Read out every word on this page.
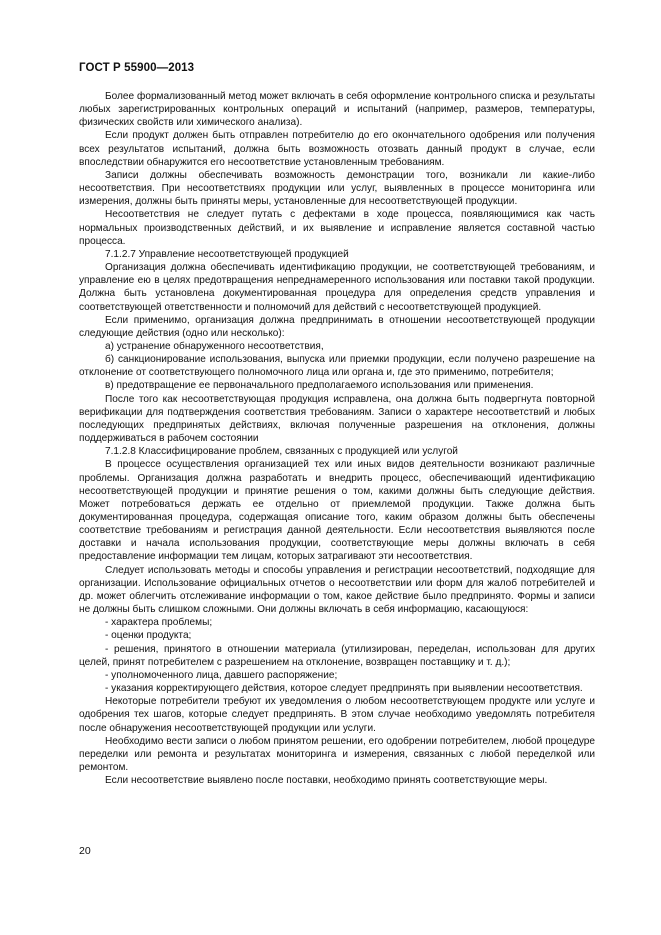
ГОСТ Р 55900—2013

Более формализованный метод может включать в себя оформление контрольного списка и результаты любых зарегистрированных контрольных операций и испытаний (например, размеров, температуры, физических свойств или химического анализа).

Если продукт должен быть отправлен потребителю до его окончательного одобрения или получения всех результатов испытаний, должна быть возможность отозвать данный продукт в случае, если впоследствии обнаружится его несоответствие установленным требованиям.

Записи должны обеспечивать возможность демонстрации того, возникали ли какие-либо несоответствия. При несоответствиях продукции или услуг, выявленных в процессе мониторинга или измерения, должны быть приняты меры, установленные для несоответствующей продукции.

Несоответствия не следует путать с дефектами в ходе процесса, появляющимися как часть нормальных производственных действий, и их выявление и исправление является составной частью процесса.

7.1.2.7 Управление несоответствующей продукцией

Организация должна обеспечивать идентификацию продукции, не соответствующей требованиям, и управление ею в целях предотвращения непреднамеренного использования или поставки такой продукции. Должна быть установлена документированная процедура для определения средств управления и соответствующей ответственности и полномочий для действий с несоответствующей продукцией.

Если применимо, организация должна предпринимать в отношении несоответствующей продукции следующие действия (одно или несколько):

а) устранение обнаруженного несоответствия,

б) санкционирование использования, выпуска или приемки продукции, если получено разрешение на отклонение от соответствующего полномочного лица или органа и, где это применимо, потребителя;

в) предотвращение ее первоначального предполагаемого использования или применения.

После того как несоответствующая продукция исправлена, она должна быть подвергнута повторной верификации для подтверждения соответствия требованиям. Записи о характере несоответствий и любых последующих предпринятых действиях, включая полученные разрешения на отклонения, должны поддерживаться в рабочем состоянии

7.1.2.8 Классифицирование проблем, связанных с продукцией или услугой

В процессе осуществления организацией тех или иных видов деятельности возникают различные проблемы. Организация должна разработать и внедрить процесс, обеспечивающий идентификацию несоответствующей продукции и принятие решения о том, какими должны быть следующие действия. Может потребоваться держать ее отдельно от приемлемой продукции. Также должна быть документированная процедура, содержащая описание того, каким образом должны быть обеспечены соответствие требованиям и регистрация данной деятельности. Если несоответствия выявляются после доставки и начала использования продукции, соответствующие меры должны включать в себя предоставление информации тем лицам, которых затрагивают эти несоответствия.

Следует использовать методы и способы управления и регистрации несоответствий, подходящие для организации. Использование официальных отчетов о несоответствии или форм для жалоб потребителей и др. может облегчить отслеживание информации о том, какое действие было предпринято. Формы и записи не должны быть слишком сложными. Они должны включать в себя информацию, касающуюся:

- характера проблемы;

- оценки продукта;

- решения, принятого в отношении материала (утилизирован, переделан, использован для других целей, принят потребителем с разрешением на отклонение, возвращен поставщику и т. д.);

- уполномоченного лица, давшего распоряжение;

- указания корректирующего действия, которое следует предпринять при выявлении несоответствия.

Некоторые потребители требуют их уведомления о любом несоответствующем продукте или услуге и одобрения тех шагов, которые следует предпринять. В этом случае необходимо уведомлять потребителя после обнаружения несоответствующей продукции или услуги.

Необходимо вести записи о любом принятом решении, его одобрении потребителем, любой процедуре переделки или ремонта и результатах мониторинга и измерения, связанных с любой переделкой или ремонтом.

Если несоответствие выявлено после поставки, необходимо принять соответствующие меры.

20
